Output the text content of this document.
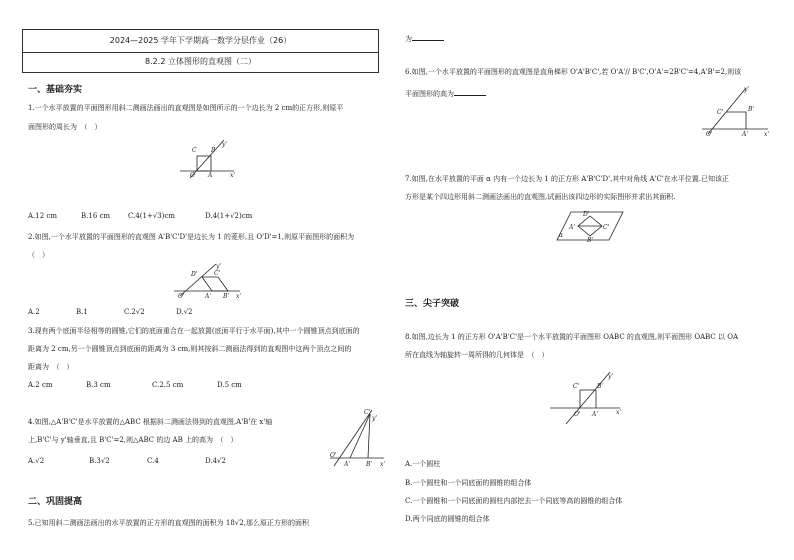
2024—2025 学年下学期高一数学分层作业（26）
8.2.2 立体图形的直观图（二）
一、基础夯实
1.一个水平放置的平面图形用斜二测画法画出的直观图是如图所示的一个边长为 2 cm的正方形,则原平
面图形的周长为　（　）
C B
y'
O A	x'
A.12 cm	B.16 cm	C.4(1+√3)cm	D.4(1+√2)cm
2.如图,一个水平放置的平面图形的直观图 A'B'C'D'是边长为 1 的菱形,且 O'D'=1,则原平面图形的面积为
（　）
D'	C'
y'
O'	A' B' x'
A.2	B.1	C.2√2	D.√2
3.现有两个底面半径相等的圆锥,它们的底面重合在一起放置(底面平行于水平面),其中一个圆锥顶点到底面的
距离为 2 cm,另一个圆锥顶点到底面的距离为 3 cm,则其按斜二测画法得到的直观图中这两个顶点之间的
距离为　（　）
A.2 cm	B.3 cm	C.2.5 cm	D.5 cm
4.如图,△A'B'C'是水平放置的△ABC 根据斜二测画法得到的直观图,A'B'在 x'轴
上,B'C'与 y'轴垂直,且 B'C'=2,则△ABC 的边 AB 上的高为　（　）
C'
y'
O'
A'	B' x'
A.√2	B.3√2	C.4	D.4√2
二、巩固提高
5.已知用斜二测画法画出的水平放置的正方形的直观图的面积为 18√2,那么原正方形的面积
为
6.如图,一个水平放置的平面图形的直观图是直角梯形 O'A'B'C',若 O'A'// B'C',O'A'=2B'C'=4,A'B'=2,则该
平面图形的高为
y'
C'	B'
O'	A'	x'
7.如图,在水平放置的平面 α 内有一个边长为 1 的正方形 A'B'C'D',其中对角线 A'C'在水平位置.已知该正
方形是某个四边形用斜二测画法画出的直观图,试画出该四边形的实际图形并求出其面积.
D'
A'	C'
B'
α
三、尖子突破
8.如图,边长为 1 的正方形 O'A'B'C'是一个水平放置的平面图形 OABC 的直观图,则平面图形 OABC 以 OA
所在直线为轴旋转一周所得的几何体是　（　）
C'	B'
y'
O' A'	x'
A.一个圆柱
B.一个圆柱和一个同底面的圆锥的组合体
C.一个圆锥和一个同底面的圆柱内部挖去一个同底等高的圆锥的组合体
D.两个同底的圆锥的组合体
